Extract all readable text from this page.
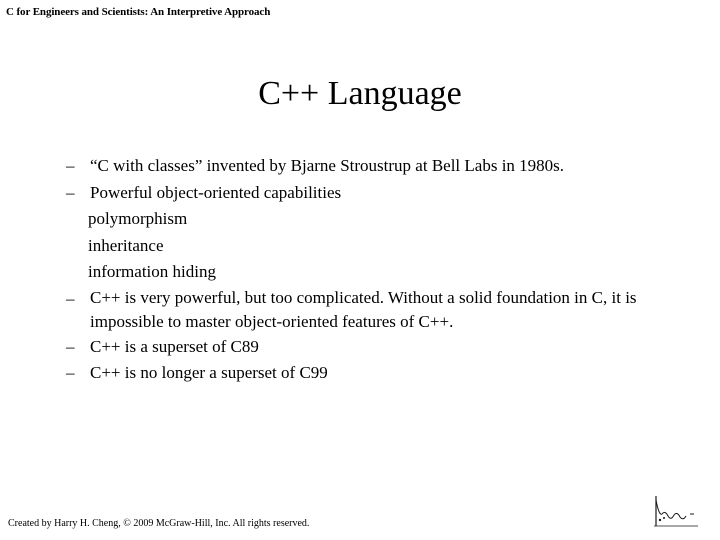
C for Engineers and Scientists: An Interpretive Approach
C++ Language
– “C with classes” invented by Bjarne Stroustrup at Bell Labs in 1980s.
– Powerful object-oriented capabilities
polymorphism
inheritance
information hiding
– C++ is very powerful, but too complicated. Without a solid foundation in C, it is impossible to master object-oriented features of C++.
– C++ is a superset of C89
– C++ is no longer a superset of C99
Created by Harry H. Cheng, © 2009 McGraw-Hill, Inc. All rights reserved.
